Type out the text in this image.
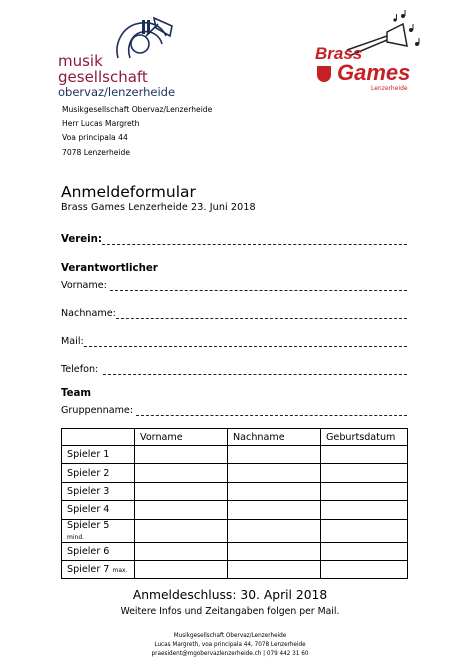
musik
gesellschaft
obervaz/lenzerheide
Brass
Games
Lenzerheide
Musikgesellschaft Obervaz/Lenzerheide
Herr Lucas Margreth
Voa principala 44
7078 Lenzerheide
Anmeldeformular
Brass Games Lenzerheide 23. Juni 2018
Verein:
Verantwortlicher
Vorname:
Nachname:
Mail:
Telefon:
Team
Gruppenname:
	Vorname	Nachname	Geburtsdatum
Spieler 1			
Spieler 2			
Spieler 3			
Spieler 4			
Spieler 5 mind.			
Spieler 6			
Spieler 7 max.			
Anmeldeschluss: 30. April 2018
Weitere Infos und Zeitangaben folgen per Mail.
Musikgesellschaft Obervaz/Lenzerheide
Lucas Margreth, voa principala 44, 7078 Lenzerheide
praesident@mgobervazlenzerheide.ch | 079 442 31 60
